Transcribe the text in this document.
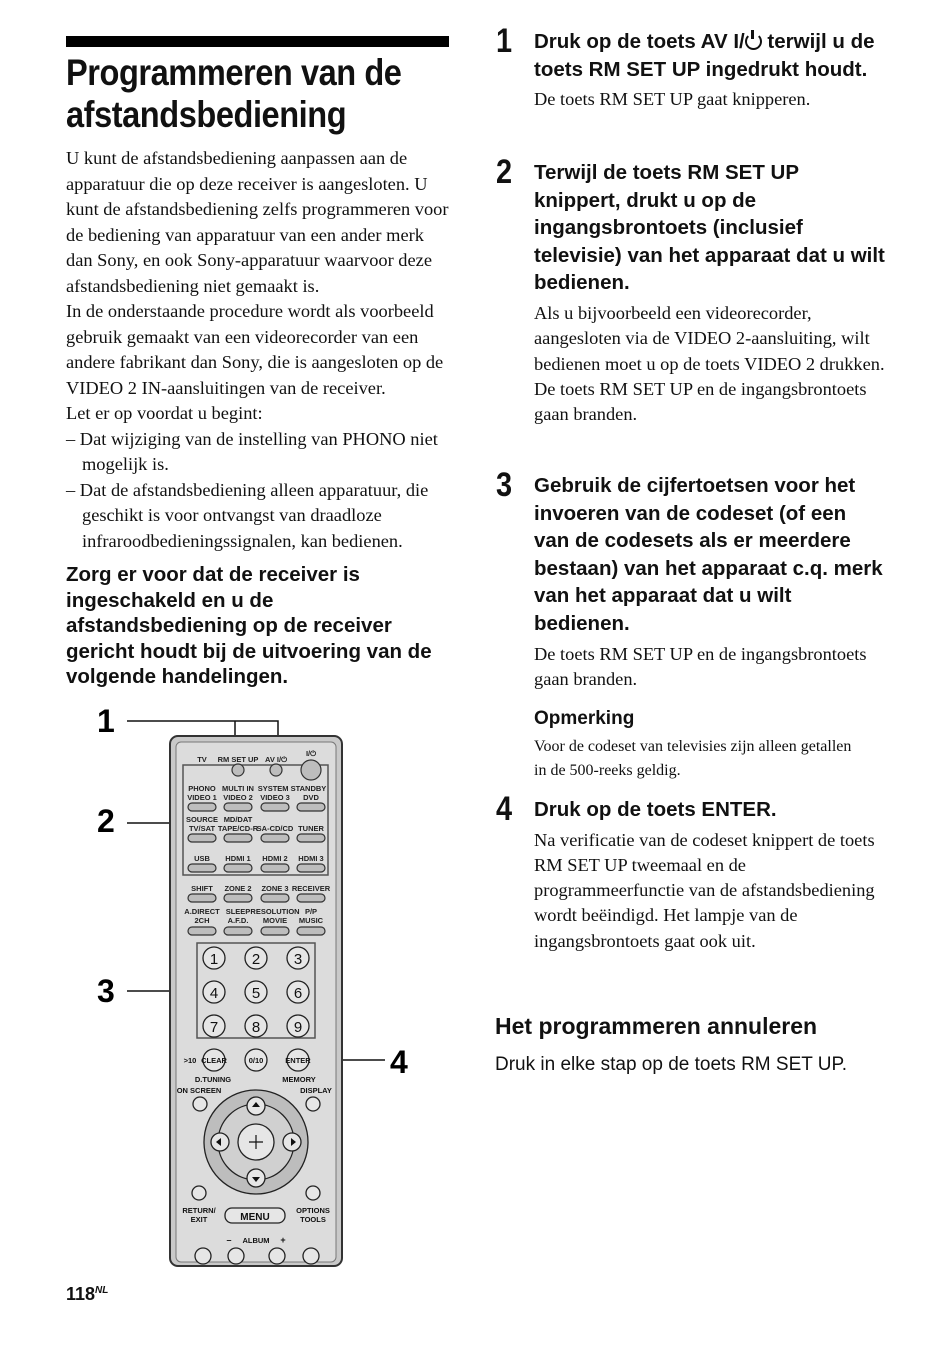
Programmeren van de
afstandsbediening

U kunt de afstandsbediening aanpassen aan de apparatuur die op deze receiver is aangesloten. U kunt de afstandsbediening zelfs programmeren voor de bediening van apparatuur van een ander merk dan Sony, en ook Sony-apparatuur waarvoor deze afstandsbediening niet gemaakt is.

In de onderstaande procedure wordt als voorbeeld gebruik gemaakt van een videorecorder van een andere fabrikant dan Sony, die is aangesloten op de VIDEO 2 IN-aansluitingen van de receiver.

Let er op voordat u begint:

– Dat wijziging van de instelling van PHONO niet mogelijk is.

– Dat de afstandsbediening alleen apparatuur, die geschikt is voor ontvangst van draadloze infraroodbedieningssignalen, kan bedienen.

Zorg er voor dat de receiver is ingeschakeld en u de afstandsbediening op de receiver gericht houdt bij de uitvoering van de volgende handelingen.
1
2
3
4
TV RM SET UP AV I/⏻
I/⏻
PHONO MULTI IN SYSTEM STANDBY
VIDEO 1 VIDEO 2 VIDEO 3 DVD
SOURCE MD/DAT
TV/SAT TAPE/CD-R
SA-CD/CD TUNER
USB HDMI 1 HDMI 2 HDMI 3
SHIFT ZONE 2 ZONE 3 RECEIVER
A.DIRECT SLEEP RESOLUTION P/P
2CH A.F.D. MOVIE MUSIC
1 2 3
4 5 6
7 8 9
>10 CLEAR	0/10	ENTER
D.TUNING	MEMORY
ON SCREEN	DISPLAY
RETURN/
EXIT
OPTIONS
TOOLS
MENU
– ALBUM +
1 Druk op de toets AV I/ terwijl u de toets RM SET UP ingedrukt houdt.
De toets RM SET UP gaat knipperen.
2 Terwijl de toets RM SET UP knippert, drukt u op de ingangsbrontoets (inclusief televisie) van het apparaat dat u wilt bedienen.

Als u bijvoorbeeld een videorecorder, aangesloten via de VIDEO 2-aansluiting, wilt bedienen moet u op de toets VIDEO 2 drukken.

De toets RM SET UP en de ingangsbrontoets gaan branden.

3 Gebruik de cijfertoetsen voor het invoeren van de codeset (of een van de codesets als er meerdere bestaan) van het apparaat c.q. merk van het apparaat dat u wilt bedienen.
De toets RM SET UP en de ingangsbrontoets gaan branden.
Opmerking
Voor de codeset van televisies zijn alleen getallen in de 500-reeks geldig.
4 Druk op de toets ENTER.
Na verificatie van de codeset knippert de toets RM SET UP tweemaal en de programmeerfunctie van de afstandsbediening wordt beëindigd. Het lampje van de ingangsbrontoets gaat ook uit.
Het programmeren annuleren
Druk in elke stap op de toets RM SET UP.
$118^{NL}$
